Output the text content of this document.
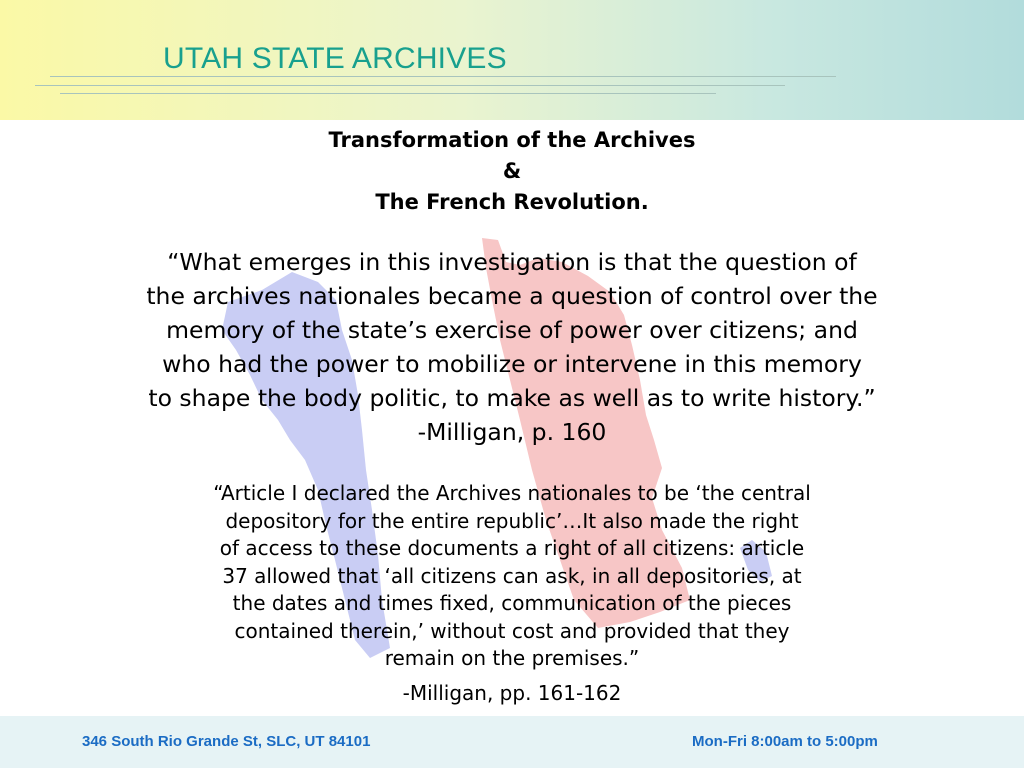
UTAH STATE ARCHIVES
Transformation of the Archives
&
The French Revolution.
“What emerges in this investigation is that the question of
the archives nationales became a question of control over the
memory of the state’s exercise of power over citizens; and
who had the power to mobilize or intervene in this memory
to shape the body politic, to make as well as to write history.”
-Milligan, p. 160
“Article I declared the Archives nationales to be ‘the central
depository for the entire republic’…It also made the right
of access to these documents a right of all citizens: article
37 allowed that ‘all citizens can ask, in all depositories, at
the dates and times fixed, communication of the pieces
contained therein,’ without cost and provided that they
remain on the premises.”
-Milligan, pp. 161-162
346 South Rio Grande St, SLC, UT 84101	Mon-Fri 8:00am to 5:00pm
